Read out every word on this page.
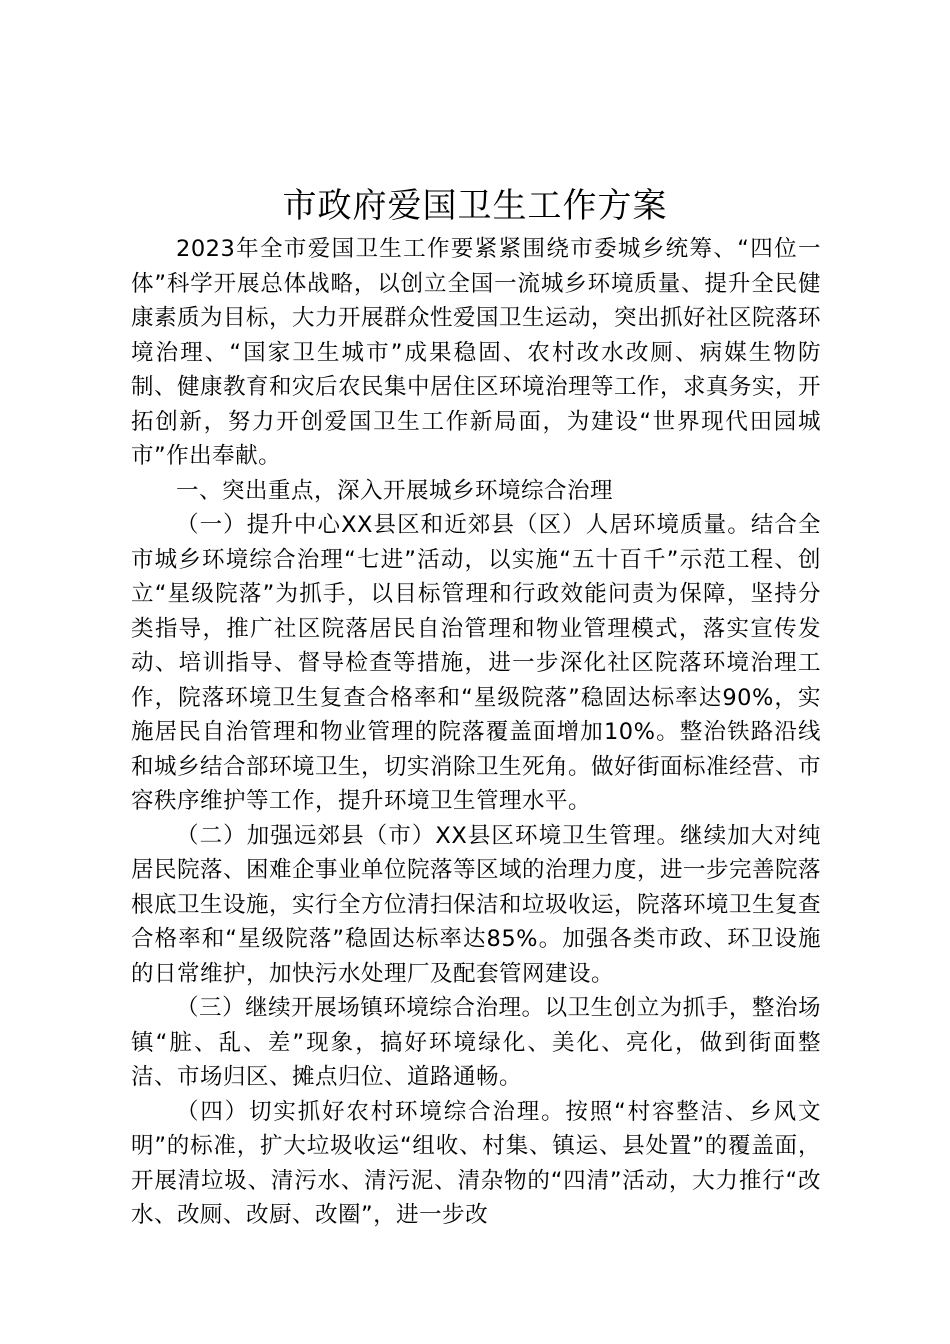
市政府爱国卫生工作方案

2023年全市爱国卫生工作要紧紧围绕市委城乡统筹、“四位一体”科学开展总体战略，以创立全国一流城乡环境质量、提升全民健康素质为目标，大力开展群众性爱国卫生运动，突出抓好社区院落环境治理、“国家卫生城市”成果稳固、农村改水改厕、病媒生物防制、健康教育和灾后农民集中居住区环境治理等工作，求真务实，开拓创新，努力开创爱国卫生工作新局面，为建设“世界现代田园城市”作出奉献。

一、突出重点，深入开展城乡环境综合治理

（一）提升中心XX县区和近郊县（区）人居环境质量。结合全市城乡环境综合治理“七进”活动，以实施“五十百千”示范工程、创立“星级院落”为抓手，以目标管理和行政效能问责为保障，坚持分类指导，推广社区院落居民自治管理和物业管理模式，落实宣传发动、培训指导、督导检查等措施，进一步深化社区院落环境治理工作，院落环境卫生复查合格率和“星级院落”稳固达标率达90%，实施居民自治管理和物业管理的院落覆盖面增加10%。整治铁路沿线和城乡结合部环境卫生，切实消除卫生死角。做好街面标准经营、市容秩序维护等工作，提升环境卫生管理水平。

（二）加强远郊县（市）XX县区环境卫生管理。继续加大对纯居民院落、困难企事业单位院落等区域的治理力度，进一步完善院落根底卫生设施，实行全方位清扫保洁和垃圾收运，院落环境卫生复查合格率和“星级院落”稳固达标率达85%。加强各类市政、环卫设施的日常维护，加快污水处理厂及配套管网建设。

（三）继续开展场镇环境综合治理。以卫生创立为抓手，整治场镇“脏、乱、差”现象，搞好环境绿化、美化、亮化，做到街面整洁、市场归区、摊点归位、道路通畅。

（四）切实抓好农村环境综合治理。按照“村容整洁、乡风文明”的标准，扩大垃圾收运“组收、村集、镇运、县处置”的覆盖面，开展清垃圾、清污水、清污泥、清杂物的“四清”活动，大力推行“改水、改厕、改厨、改圈”，进一步改
